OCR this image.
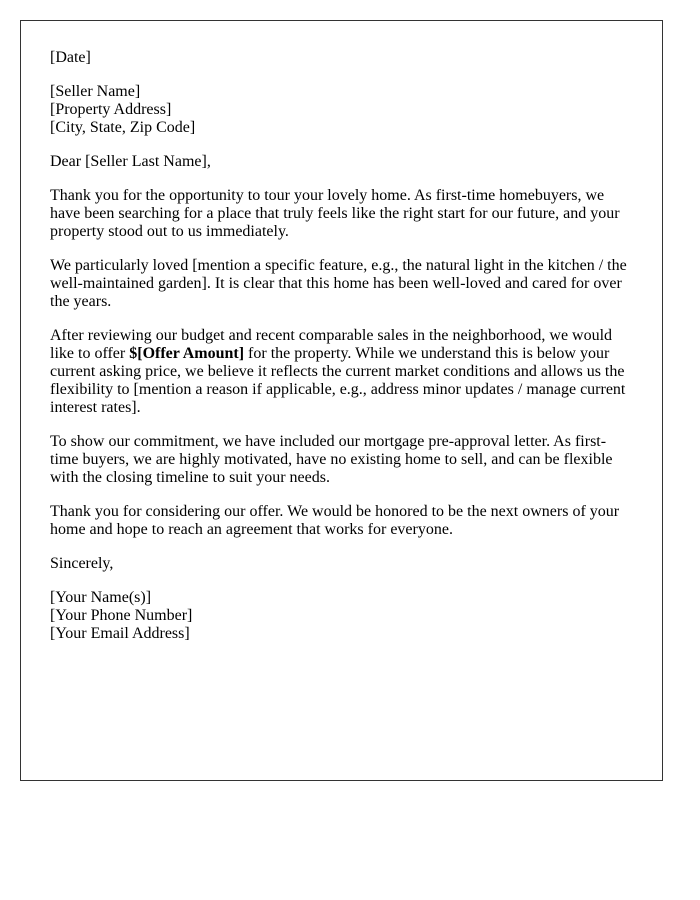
[Date]

[Seller Name]

[Property Address]

[City, State, Zip Code]

Dear [Seller Last Name],

Thank you for the opportunity to tour your lovely home. As first-time homebuyers, we have been searching for a place that truly feels like the right start for our future, and your property stood out to us immediately.

We particularly loved [mention a specific feature, e.g., the natural light in the kitchen / the well-maintained garden]. It is clear that this home has been well-loved and cared for over the years.

After reviewing our budget and recent comparable sales in the neighborhood, we would like to offer $[Offer Amount] for the property. While we understand this is below your current asking price, we believe it reflects the current market conditions and allows us the flexibility to [mention a reason if applicable, e.g., address minor updates / manage current interest rates].

To show our commitment, we have included our mortgage pre-approval letter. As first-time buyers, we are highly motivated, have no existing home to sell, and can be flexible with the closing timeline to suit your needs.

Thank you for considering our offer. We would be honored to be the next owners of your home and hope to reach an agreement that works for everyone.

Sincerely,

[Your Name(s)]

[Your Phone Number]

[Your Email Address]
